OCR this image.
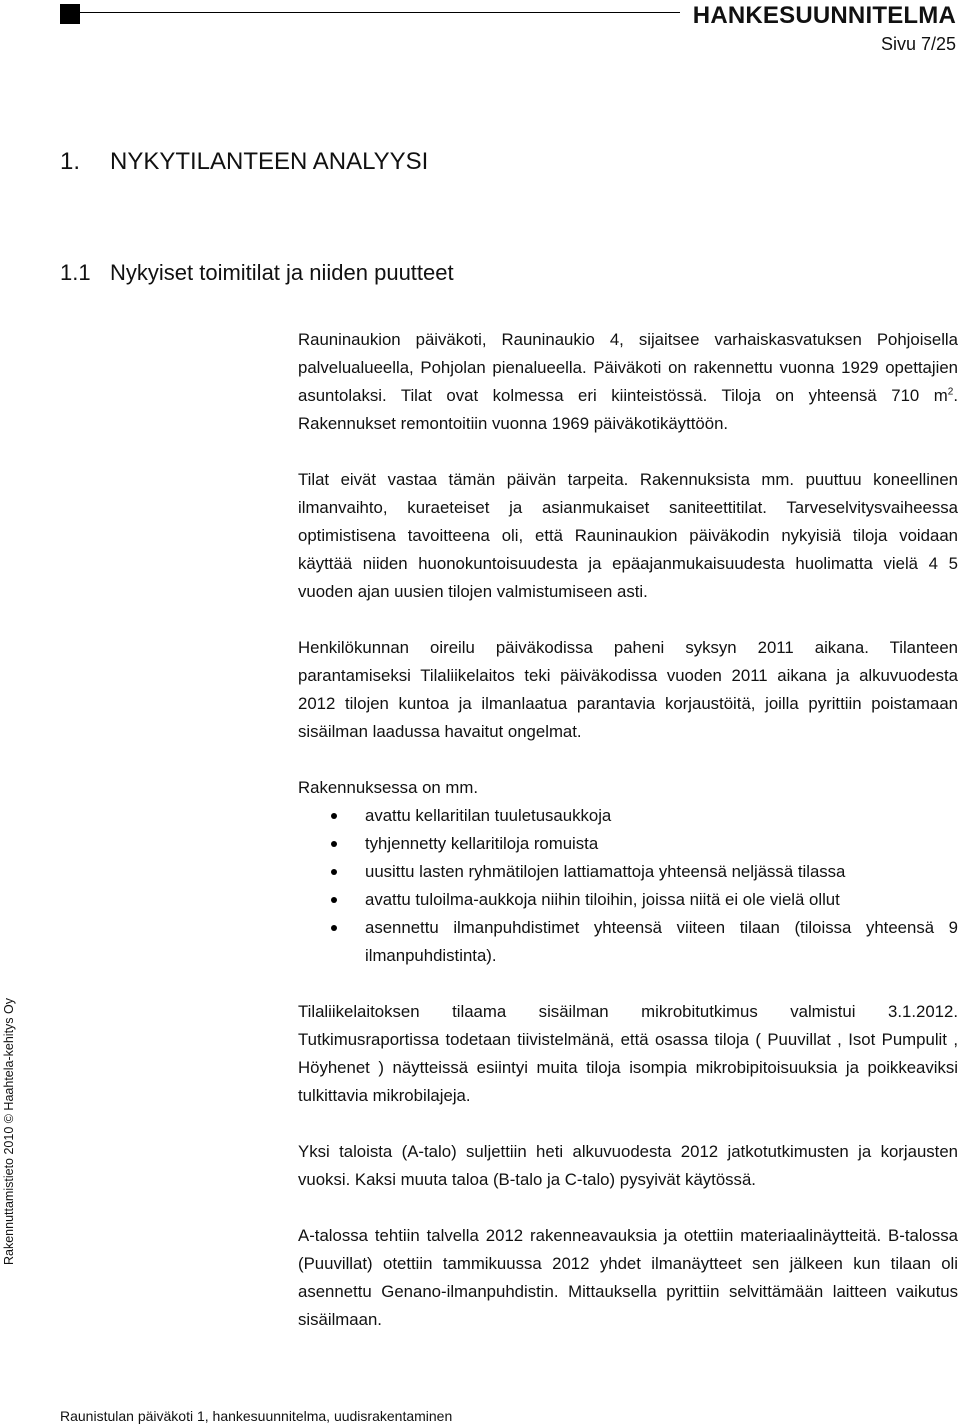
HANKESUUNNITELMA
Sivu 7/25
1. NYKYTILANTEEN ANALYYSI
1.1 Nykyiset toimitilat ja niiden puutteet

Rauninaukion päiväkoti, Rauninaukio 4, sijaitsee varhaiskasvatuksen Pohjoisella palvelualueella, Pohjolan pienalueella. Päiväkoti on rakennettu vuonna 1929 opettajien asuntolaksi. Tilat ovat kolmessa eri kiinteistössä. Tiloja on yhteensä 710 $m^2$. Rakennukset remontoitiin vuonna 1969 päiväkotikäyttöön.

Tilat eivät vastaa tämän päivän tarpeita. Rakennuksista mm. puuttuu koneellinen ilmanvaihto, kuraeteiset ja asianmukaiset saniteettitilat. Tarveselvitysvaiheessa optimistisena tavoitteena oli, että Rauninaukion päiväkodin nykyisiä tiloja voidaan käyttää niiden huonokuntoisuudesta ja epäajanmukaisuudesta huolimatta vielä 4 5 vuoden ajan uusien tilojen valmistumiseen asti.

Henkilökunnan oireilu päiväkodissa paheni syksyn 2011 aikana. Tilanteen parantamiseksi Tilaliikelaitos teki päiväkodissa vuoden 2011 aikana ja alkuvuodesta 2012 tilojen kuntoa ja ilmanlaatua parantavia korjaustöitä, joilla pyrittiin poistamaan sisäilman laadussa havaitut ongelmat.

Rakennuksessa on mm.

avattu kellaritilan tuuletusaukkoja
tyhjennetty kellaritiloja romuista
uusittu lasten ryhmätilojen lattiamattoja yhteensä neljässä tilassa
avattu tuloilma-aukkoja niihin tiloihin, joissa niitä ei ole vielä ollut
asennettu ilmanpuhdistimet yhteensä viiteen tilaan (tiloissa yhteensä 9 ilmanpuhdistinta).

Tilaliikelaitoksen tilaama sisäilman mikrobitutkimus valmistui 3.1.2012. Tutkimusraportissa todetaan tiivistelmänä, että osassa tiloja ( Puuvillat , Isot Pumpulit , Höyhenet ) näytteissä esiintyi muita tiloja isompia mikrobipitoisuuksia ja poikkeaviksi tulkittavia mikrobilajeja.

Yksi taloista (A-talo) suljettiin heti alkuvuodesta 2012 jatkotutkimusten ja korjausten vuoksi. Kaksi muuta taloa (B-talo ja C-talo) pysyivät käytössä.

A-talossa tehtiin talvella 2012 rakenneavauksia ja otettiin materiaalinäytteitä. B-talossa (Puuvillat) otettiin tammikuussa 2012 yhdet ilmanäytteet sen jälkeen kun tilaan oli asennettu Genano-ilmanpuhdistin. Mittauksella pyrittiin selvittämään laitteen vaikutus sisäilmaan.

Rakennuttamistieto 2010 © Haahtela-kehitys Oy
Raunistulan päiväkoti 1, hankesuunnitelma, uudisrakentaminen
